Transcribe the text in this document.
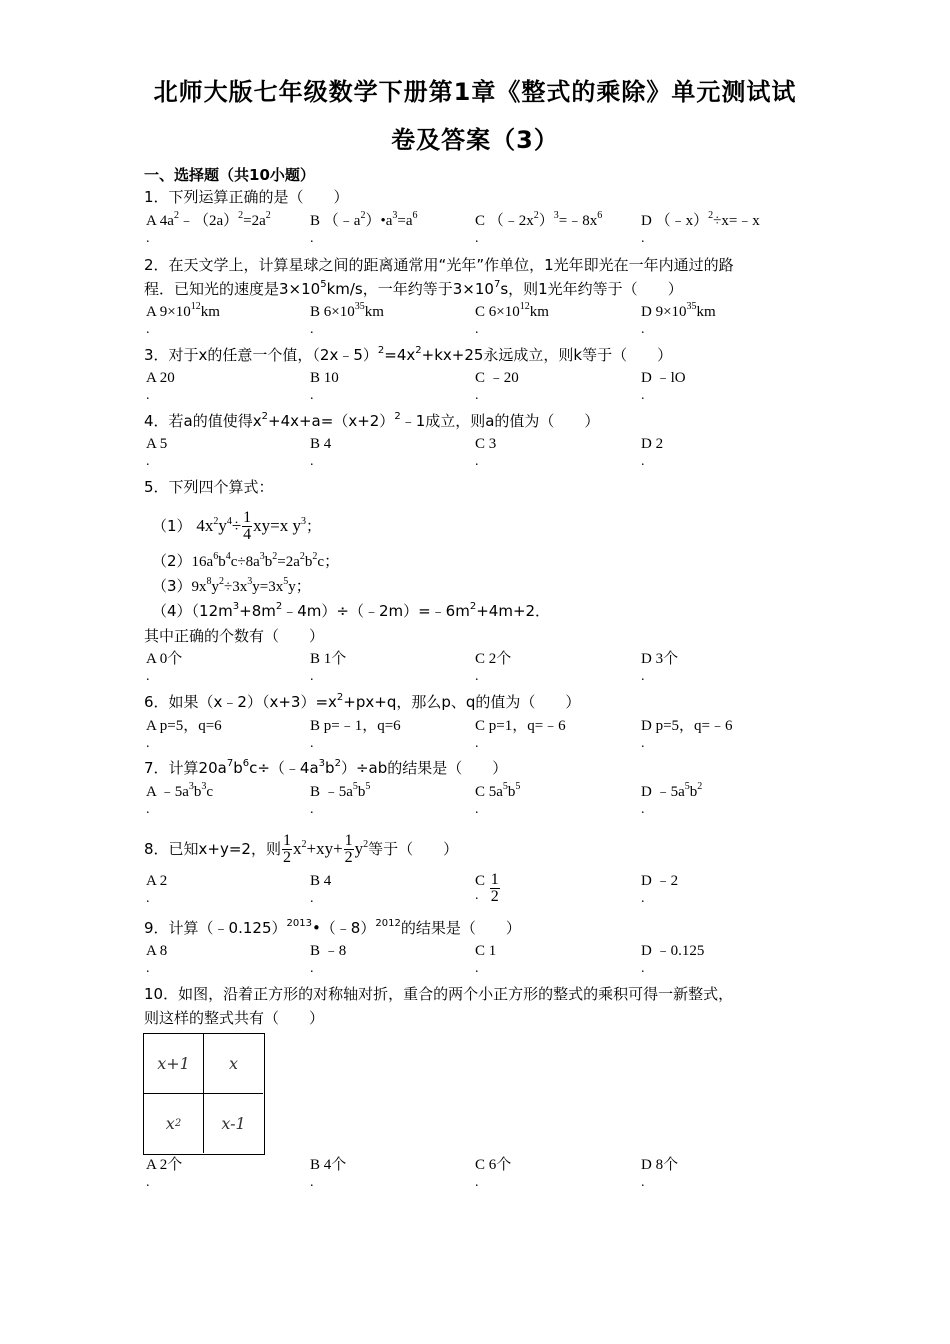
北师大版七年级数学下册第1章《整式的乘除》单元测试试
卷及答案（3）
一、选择题（共10小题）
1．下列运算正确的是（　　）
A $4a^2﹣(2a)^2=2a^2$
.
B $(﹣a^2)•a^3=a^6$
.
C $(﹣2x^2)^3=﹣8x^6$
.
D （﹣x）$^2$÷x=﹣x
.
2．在天文学上，计算星球之间的距离通常用“光年”作单位，1光年即光在一年内通过的路
程．已知光的速度是$3\times 10^5km/s$，一年约等于$3\times 10^7s$，则1光年约等于（　　）
A $9\times 10^{12}km$
.
B $6\times 10^{35}km$
.
C $6\times 10^{12}km$
.
D $9\times 10^{35}km$
.
3．对于x的任意一个值，$(2x﹣5)^2=4x^2+kx+25$永远成立，则k等于（　　）
A 20
.
B 10
.
C ﹣20
.
D ﹣lO
.
4．若a的值使得$x^2+4x+a=(x+2)^2﹣1$成立，则a的值为（　　）
A 5
.
B 4
.
C 3
.
D 2
.
5．下列四个算式：
（1） $4x^2y^4\div \frac{1}{4} xy=x$ $y^3$；
$(2)16a^6b^4c\div 8a^3b^2=2a^2b^2c$；
$(3)9x^8y^2\div 3x^3y=3x^5y$；
$(4)(12m^3+8m^2﹣4m)\div(﹣2m)=﹣6m^2+4m+2$．
其中正确的个数有（　　）
A 0个
.
B 1个
.
C 2个
.
D 3个
.
6．如果$(x﹣2)(x+3)=x^2+px+q$，那么p、q的值为（　　）
A p=5，q=6
.
B p=﹣1，q=6
.
C p=1，q=﹣6
.
D p=5，q=﹣6
.
7．计算$20a^7b^6c\div(﹣4a^3b^2)\div ab$的结果是（　　）
A $﹣5a^3b^3c$
.
B $﹣5a^5b^5$
.
C $5a^5b^5$
.
D $﹣5a^5b^2$
.
8．已知x+y=2，则 $\frac{1}{2} x^2+xy+ \frac{1}{2} y^2$等于（　　）
A 2
.
B 4
.
C $\frac{1}{2}$
.
D ﹣2
.
9．计算（﹣0.125）$^{2013}$•（﹣8）$^{2012}$的结果是（　　）
A 8
.
B ﹣8
.
C 1
.
D ﹣0.125
.
10．如图，沿着正方形的对称轴对折，重合的两个小正方形的整式的乘积可得一新整式，
则这样的整式共有（　　）
x+1	x
x 2	x-1
A 2个
.
B 4个
.
C 6个
.
D 8个
.
